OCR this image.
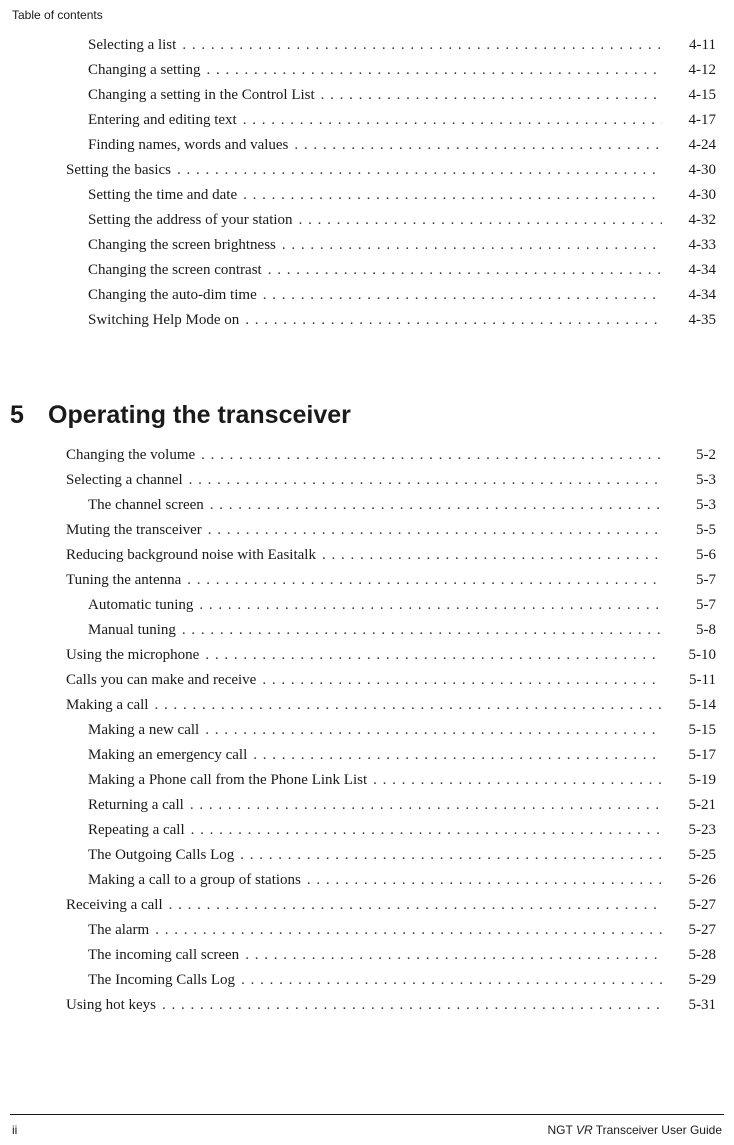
Table of contents
Selecting a list . . .	4-11
Changing a setting . . .	4-12
Changing a setting in the Control List . . .	4-15
Entering and editing text . . .	4-17
Finding names, words and values . . .	4-24
Setting the basics . . .	4-30
Setting the time and date . . .	4-30
Setting the address of your station . . .	4-32
Changing the screen brightness . . .	4-33
Changing the screen contrast . . .	4-34
Changing the auto-dim time . . .	4-34
Switching Help Mode on . . .	4-35
Changing the volume . . .	5-2
Selecting a channel . . .	5-3
The channel screen . . .	5-3
Muting the transceiver . . .	5-5
Reducing background noise with Easitalk . . .	5-6
Tuning the antenna . . .	5-7
Automatic tuning . . .	5-7
Manual tuning . . .	5-8
Using the microphone . . .	5-10
Calls you can make and receive . . .	5-11
Making a call . . .	5-14
Making a new call . . .	5-15
Making an emergency call . . .	5-17
Making a Phone call from the Phone Link List . . .	5-19
Returning a call . . .	5-21
Repeating a call . . .	5-23
The Outgoing Calls Log . . .	5-25
Making a call to a group of stations . . .	5-26
Receiving a call . . .	5-27
The alarm . . .	5-27
The incoming call screen . . .	5-28
The Incoming Calls Log . . .	5-29
Using hot keys . . .	5-31
5 Operating the transceiver
ii	NGT VR Transceiver User Guide
